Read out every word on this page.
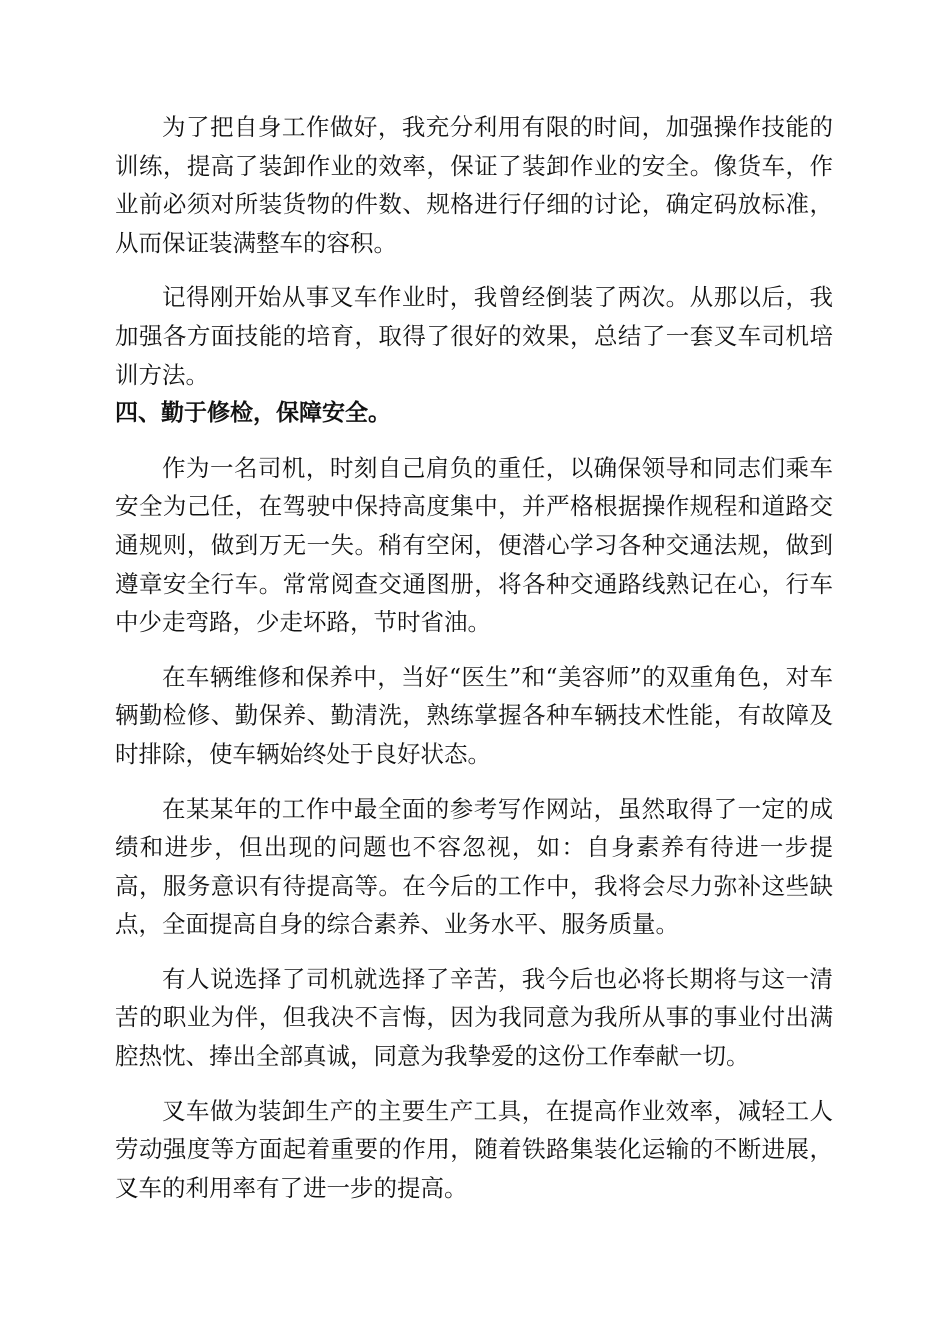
为了把自身工作做好，我充分利用有限的时间，加强操作技能的训练，提高了装卸作业的效率，保证了装卸作业的安全。像货车，作业前必须对所装货物的件数、规格进行仔细的讨论，确定码放标准，从而保证装满整车的容积。

记得刚开始从事叉车作业时，我曾经倒装了两次。从那以后，我加强各方面技能的培育，取得了很好的效果，总结了一套叉车司机培训方法。

四、勤于修检，保障安全。

作为一名司机，时刻自己肩负的重任，以确保领导和同志们乘车安全为己任，在驾驶中保持高度集中，并严格根据操作规程和道路交通规则，做到万无一失。稍有空闲，便潜心学习各种交通法规，做到遵章安全行车。常常阅查交通图册，将各种交通路线熟记在心，行车中少走弯路，少走坏路，节时省油。

在车辆维修和保养中，当好“医生”和“美容师”的双重角色，对车辆勤检修、勤保养、勤清洗，熟练掌握各种车辆技术性能，有故障及时排除，使车辆始终处于良好状态。

在某某年的工作中最全面的参考写作网站，虽然取得了一定的成绩和进步，但出现的问题也不容忽视，如：自身素养有待进一步提高，服务意识有待提高等。在今后的工作中，我将会尽力弥补这些缺点，全面提高自身的综合素养、业务水平、服务质量。

有人说选择了司机就选择了辛苦，我今后也必将长期将与这一清苦的职业为伴，但我决不言悔，因为我同意为我所从事的事业付出满腔热忱、捧出全部真诚，同意为我挚爱的这份工作奉献一切。

叉车做为装卸生产的主要生产工具，在提高作业效率，减轻工人劳动强度等方面起着重要的作用，随着铁路集装化运输的不断进展，叉车的利用率有了进一步的提高。
